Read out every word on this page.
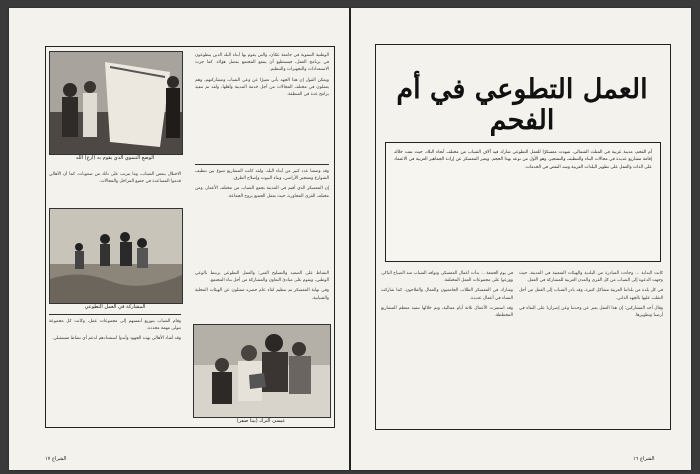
الوضع التنموي الذي يقوم به (ارع) الله
المشاركة في العمل التطوعي
عيسى الترك (بيتا صفر)

الوطنية التنموية في جامعة عمّان، والتي يقوم بها أبناء البلد الذين يتطوعون في برنامج العمل، فيستطيع أن ينتفع المجتمع بفضل هؤلاء. كما جرت الاستعدادات والتجهيزات والتنظيم.

ويمكن القول إن هذا الجهد يأتي تعبيرًا عن وعي الشباب ومشاركتهم، وهم يعملون في مختلف المجالات من أجل خدمة المدينة وأهلها، ولقد تم تنفيذ برامج عدة في المنطقة.

وقد وضعنا عدد كبير من أبناء البلد، ولقد كانت المشاريع تتنوع بين تنظيف الشوارع وتشجير الأراضي، وبناء البيوت وإصلاح الطرق.

إن المعسكر الذي أقيم في المدينة يجمع الشباب من مختلف الأعمار، ومن مختلف القرى المجاورة، حيث يعمل الجميع بروح الجماعة.

النشاط على الصعيد والتسليح الفني: والعمل التطوعي يرتبط بالوعي الوطني، ويقوم على مبادئ التعاون والمشاركة من أجل بناء المجتمع.

وفي نهاية المعسكر تم تنظيم لقاء عام حضره ممثلون عن الهيئات المحلية والشبابية.

الاحتلال ببعض الشباب، وما يترتب على ذلك من صعوبات، كما أن الأهالي قدموا المساعدة في جميع المراحل والمجالات.

وقام الشباب بتوزيع أنفسهم إلى مجموعات عمل، وكانت كل مجموعة تتولى مهمة محددة.

وقد أشاد الأهالي بهذه الجهود وأبدوا استعدادهم لدعم أي نشاط مستقبلي.

الشراع ١٧
العمل التطوعي في أم الفحم
أم الفحم، مدينة عربية في المثلث الشمالي، شهدت معسكرًا للعمل التطوعي شارك فيه آلاف الشباب من مختلف أنحاء البلاد، حيث تمت خلاله إقامة مشاريع عديدة في مجالات البناء والتنظيف والتشجير، وهو الأول من نوعه بهذا الحجم. ويعبر المعسكر عن إرادة الجماهير العربية في الاعتماد على الذات والعمل على تطوير البلدات العربية وسد النقص في الخدمات.

كانت البداية ... وجاءت المبادرة من البلدية والهيئات الشعبية في المدينة، حيث وجهت الدعوة إلى الشباب من كل القرى والمدن العربية للمشاركة في العمل.

في كل بلدة من بلداتنا العربية مشاكل كثيرة، وقد بادر الشباب إلى العمل من أجل التغلب عليها بالجهد الذاتي.

وقال أحد المشاركين: إن هذا العمل يعبر عن وحدتنا وعن إصرارنا على البقاء في أرضنا وتطويرها.

في يوم الجمعة ... بدأت أعمال المعسكر، وتوافد الشباب منذ الصباح الباكر، ووزعوا على مجموعات العمل المختلفة.

وشارك في المعسكر الطلاب الجامعيون والعمال والفلاحون، كما شاركت النساء في أعمال عديدة.

وقد استمرت الأعمال ثلاثة أيام متتالية، وتم خلالها تنفيذ معظم المشاريع المخططة.

الشراع ١٦
